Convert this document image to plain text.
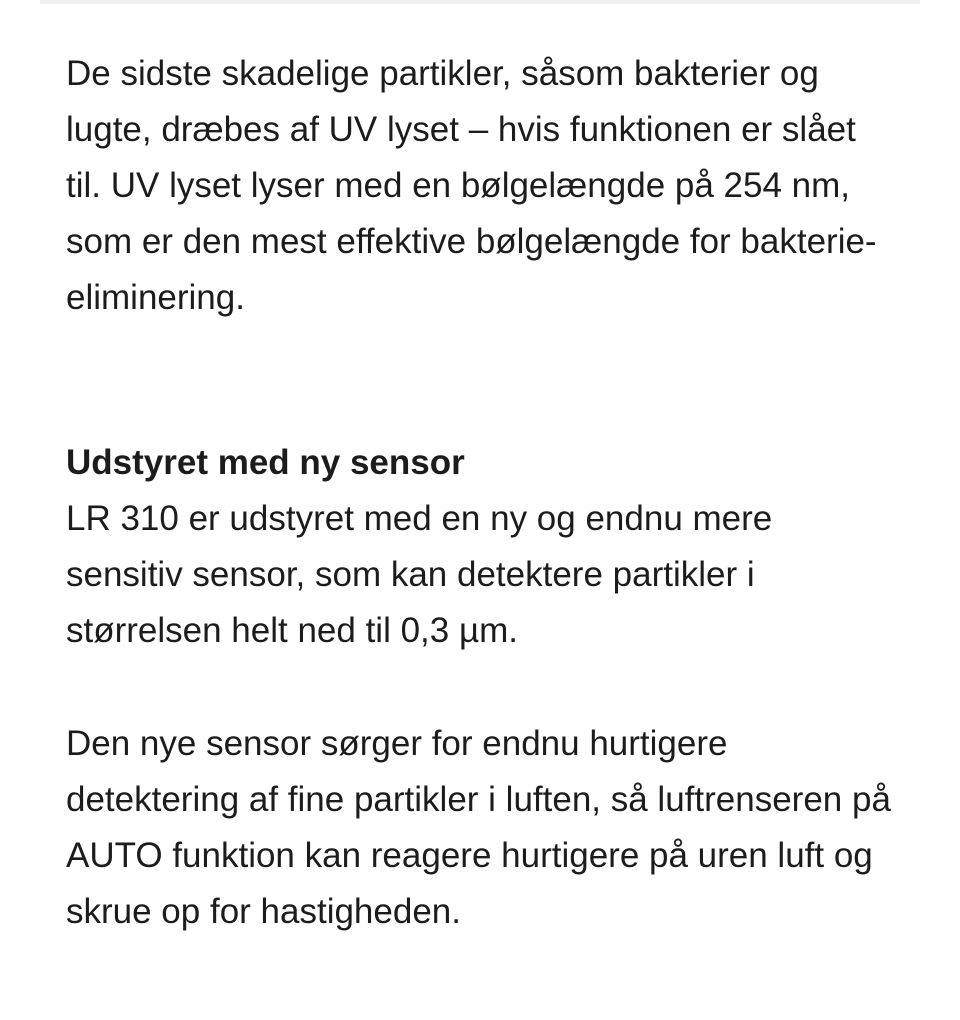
De sidste skadelige partikler, såsom bakterier og lugte, dræbes af UV lyset – hvis funktionen er slået til. UV lyset lyser med en bølgelængde på 254 nm, som er den mest effektive bølgelængde for bakterie-eliminering.

Udstyret med ny sensor

LR 310 er udstyret med en ny og endnu mere sensitiv sensor, som kan detektere partikler i størrelsen helt ned til 0,3 µm.

Den nye sensor sørger for endnu hurtigere detektering af fine partikler i luften, så luftrenseren på AUTO funktion kan reagere hurtigere på uren luft og skrue op for hastigheden.
